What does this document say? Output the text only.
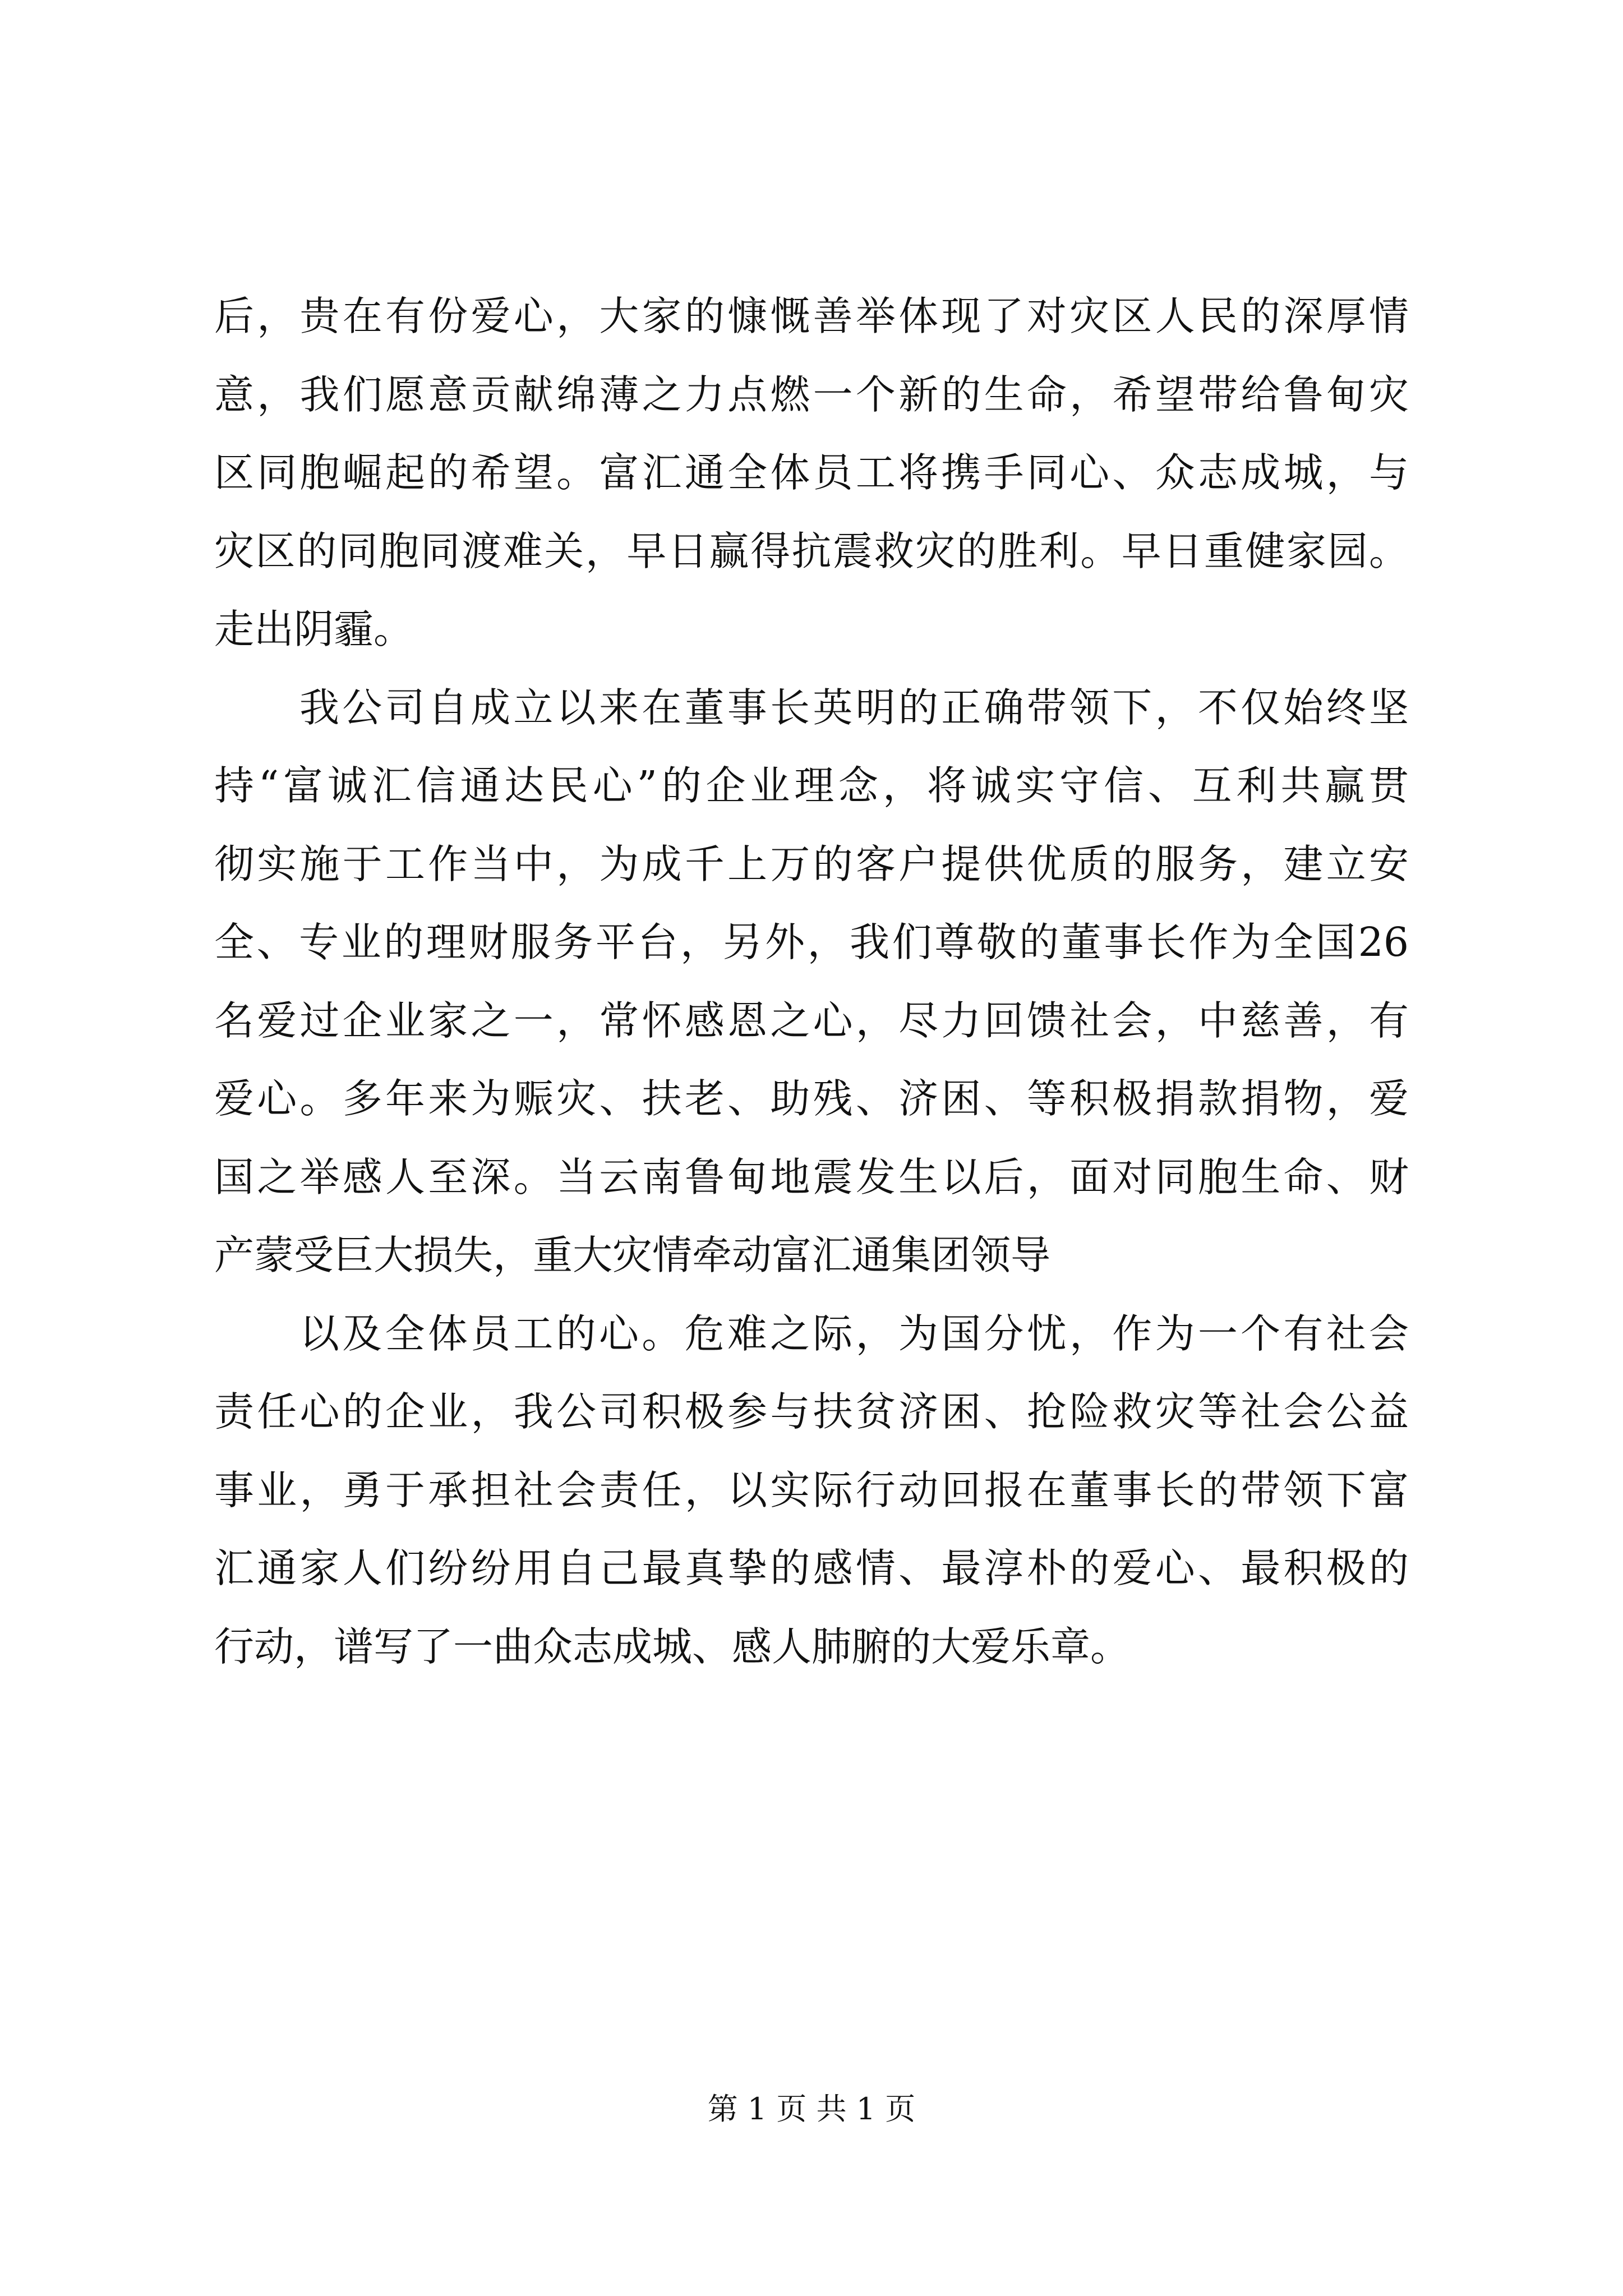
后，贵在有份爱心，大家的慷慨善举体现了对灾区人民的深厚情
意，我们愿意贡献绵薄之力点燃一个新的生命，希望带给鲁甸灾
区同胞崛起的希望。富汇通全体员工将携手同心、众志成城，与
灾区的同胞同渡难关，早日赢得抗震救灾的胜利。早日重健家园。
走出阴霾。
我公司自成立以来在董事长英明的正确带领下，不仅始终坚
持“富诚汇信通达民心”的企业理念，将诚实守信、互利共赢贯
彻实施于工作当中，为成千上万的客户提供优质的服务，建立安
全、专业的理财服务平台，另外，我们尊敬的董事长作为全国26
名爱过企业家之一，常怀感恩之心，尽力回馈社会，中慈善，有
爱心。多年来为赈灾、扶老、助残、济困、等积极捐款捐物，爱
国之举感人至深。当云南鲁甸地震发生以后，面对同胞生命、财
产蒙受巨大损失，重大灾情牵动富汇通集团领导
以及全体员工的心。危难之际，为国分忧，作为一个有社会
责任心的企业，我公司积极参与扶贫济困、抢险救灾等社会公益
事业，勇于承担社会责任，以实际行动回报在董事长的带领下富
汇通家人们纷纷用自己最真挚的感情、最淳朴的爱心、最积极的
行动，谱写了一曲众志成城、感人肺腑的大爱乐章。
第 1 页 共 1 页
